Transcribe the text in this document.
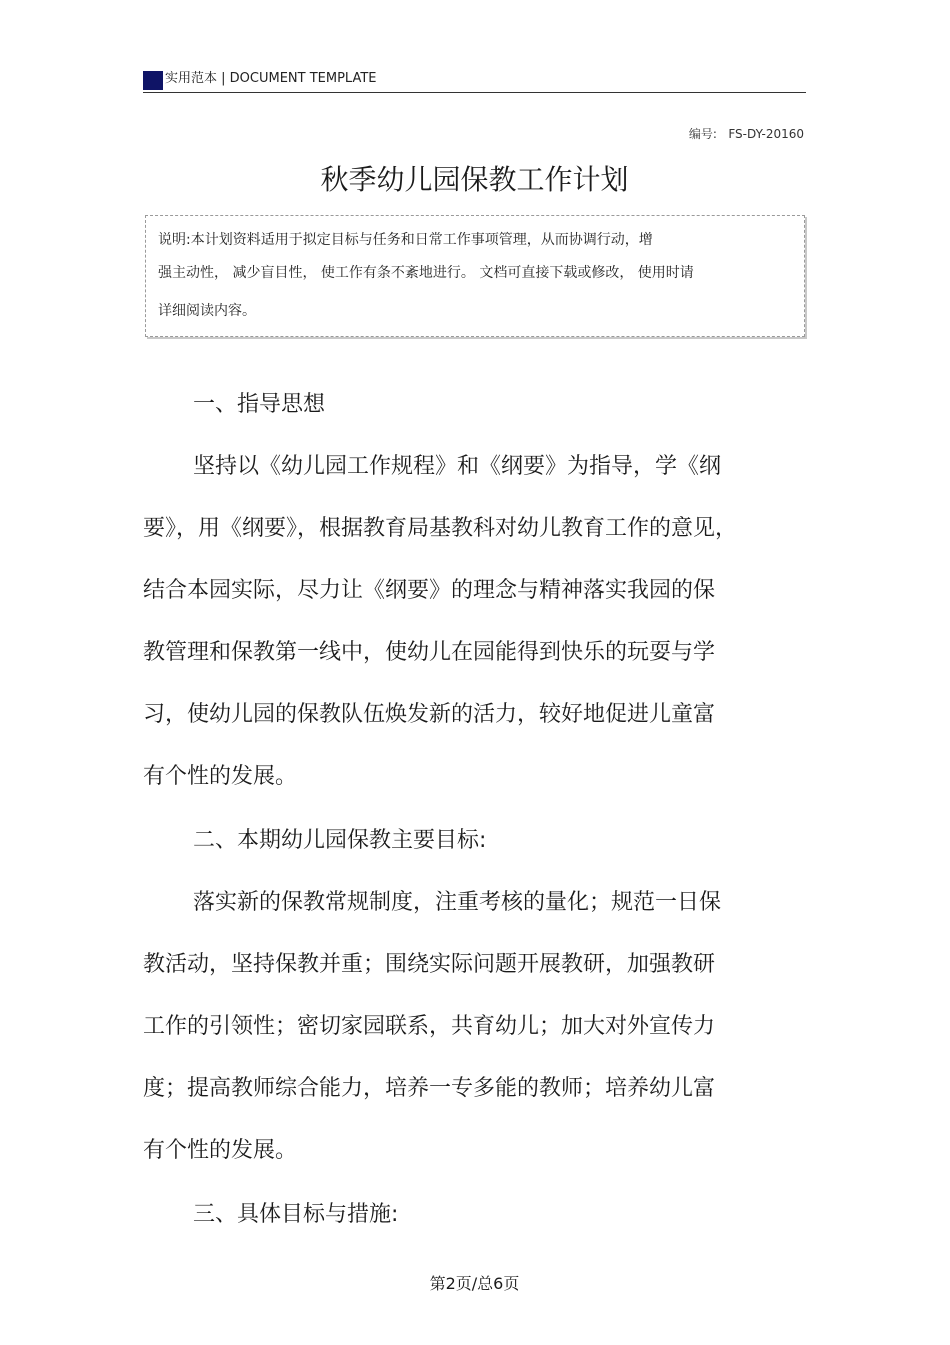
实用范本 | DOCUMENT TEMPLATE
编号:   FS-DY-20160
秋季幼儿园保教工作计划
说明:本计划资料适用于拟定目标与任务和日常工作事项管理，从而协调行动，增
强主动性， 减少盲目性， 使工作有条不紊地进行。 文档可直接下载或修改， 使用时请
详细阅读内容。
一、指导思想
坚持以《幼儿园工作规程》和《纲要》为指导，学《纲
要》，用《纲要》，根据教育局基教科对幼儿教育工作的意见，
结合本园实际，尽力让《纲要》的理念与精神落实我园的保
教管理和保教第一线中，使幼儿在园能得到快乐的玩耍与学
习，使幼儿园的保教队伍焕发新的活力，较好地促进儿童富
有个性的发展。
二、本期幼儿园保教主要目标:
落实新的保教常规制度，注重考核的量化；规范一日保
教活动，坚持保教并重；围绕实际问题开展教研，加强教研
工作的引领性；密切家园联系，共育幼儿；加大对外宣传力
度；提高教师综合能力，培养一专多能的教师；培养幼儿富
有个性的发展。
三、具体目标与措施:
第2页/总6页
